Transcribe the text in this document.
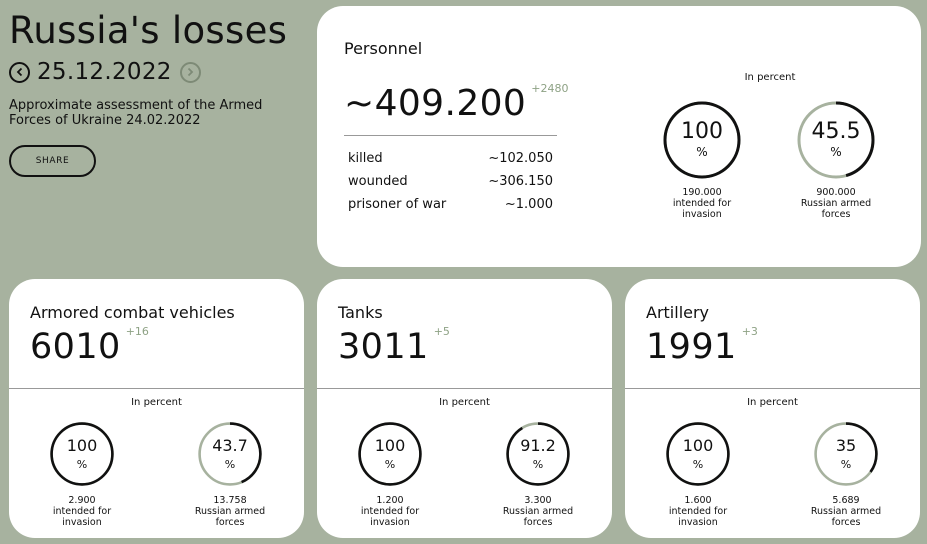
Russia's losses
25.12.2022
Approximate assessment of the Armed Forces of Ukraine 24.02.2022
SHARE
Personnel
~409.200 +2480
killed	~102.050
wounded	~306.150
prisoner of war	~1.000
In percent
100
%
190.000
intended for
invasion
45.5
%
900.000
Russian armed
forces
Armored combat vehicles
6010 +16
In percent
100
%
2.900
intended for
invasion
43.7
%
13.758
Russian armed
forces
Tanks
3011 +5
In percent
100
%
1.200
intended for
invasion
91.2
%
3.300
Russian armed
forces
Artillery
1991 +3
In percent
100
%
1.600
intended for
invasion
35
%
5.689
Russian armed
forces
